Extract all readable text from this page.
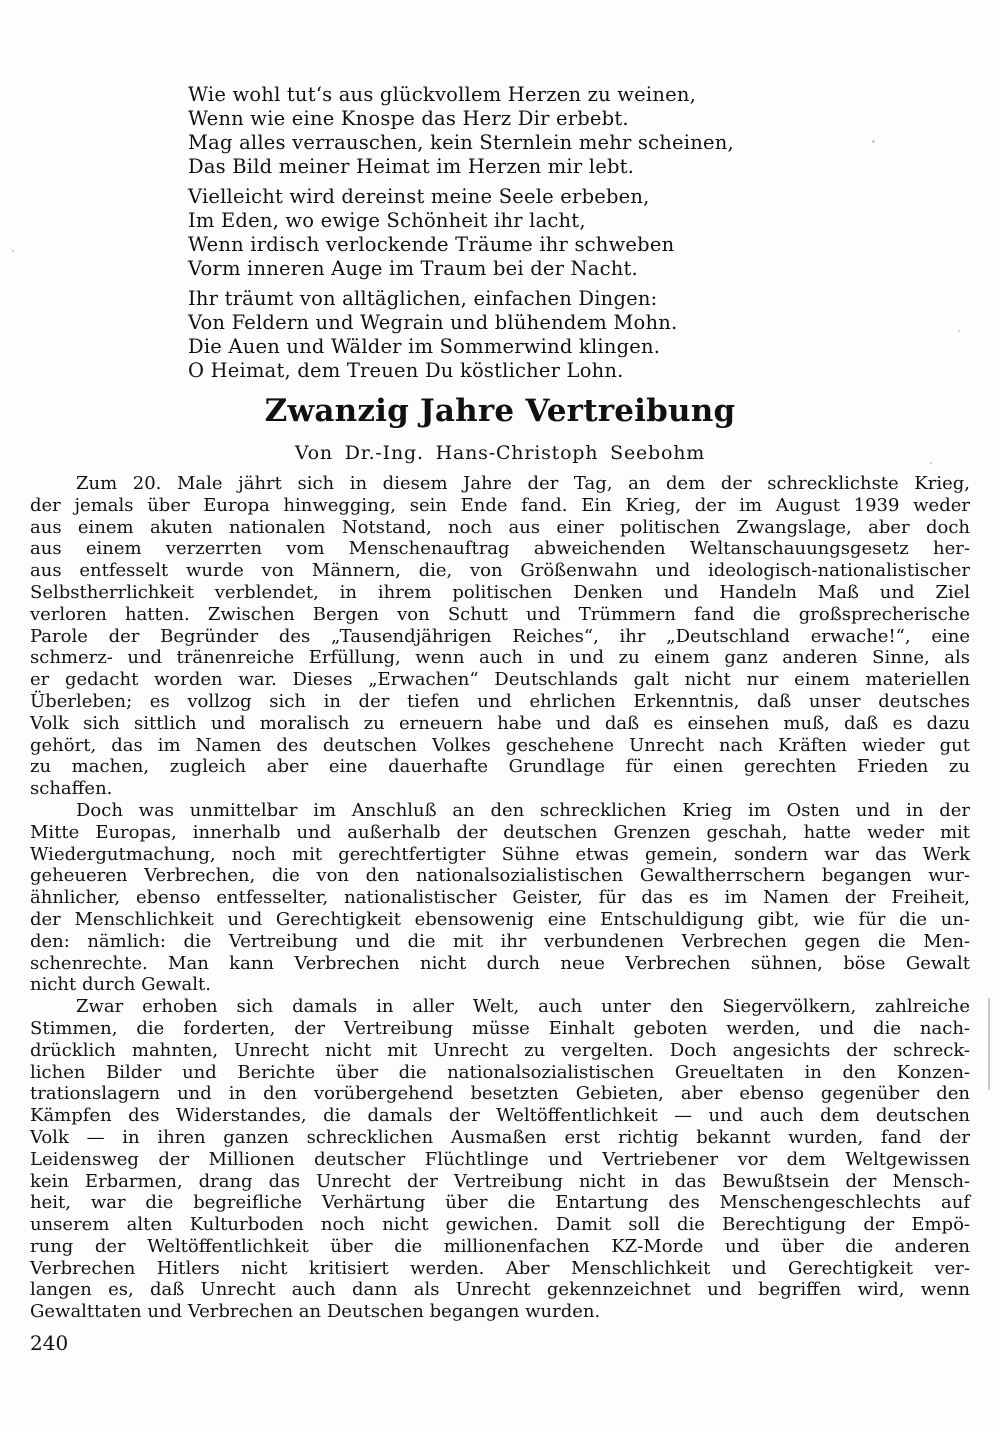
Wie wohl tut‘s aus glückvollem Herzen zu weinen,
Wenn wie eine Knospe das Herz Dir erbebt.
Mag alles verrauschen, kein Sternlein mehr scheinen,
Das Bild meiner Heimat im Herzen mir lebt.
Vielleicht wird dereinst meine Seele erbeben,
Im Eden, wo ewige Schönheit ihr lacht,
Wenn irdisch verlockende Träume ihr schweben
Vorm inneren Auge im Traum bei der Nacht.
Ihr träumt von alltäglichen, einfachen Dingen:
Von Feldern und Wegrain und blühendem Mohn.
Die Auen und Wälder im Sommerwind klingen.
O Heimat, dem Treuen Du köstlicher Lohn.
Zwanzig Jahre Vertreibung
Von Dr.-Ing. Hans-Christoph Seebohm
Zum 20. Male jährt sich in diesem Jahre der Tag, an dem der schrecklichste Krieg,
der jemals über Europa hinwegging, sein Ende fand. Ein Krieg, der im August 1939 weder
aus einem akuten nationalen Notstand, noch aus einer politischen Zwangslage, aber doch
aus einem verzerrten vom Menschenauftrag abweichenden Weltanschauungsgesetz her-
aus entfesselt wurde von Männern, die, von Größenwahn und ideologisch-nationalistischer
Selbstherrlichkeit verblendet, in ihrem politischen Denken und Handeln Maß und Ziel
verloren hatten. Zwischen Bergen von Schutt und Trümmern fand die großsprecherische
Parole der Begründer des „Tausendjährigen Reiches“, ihr „Deutschland erwache!“, eine
schmerz- und tränenreiche Erfüllung, wenn auch in und zu einem ganz anderen Sinne, als
er gedacht worden war. Dieses „Erwachen“ Deutschlands galt nicht nur einem materiellen
Überleben; es vollzog sich in der tiefen und ehrlichen Erkenntnis, daß unser deutsches
Volk sich sittlich und moralisch zu erneuern habe und daß es einsehen muß, daß es dazu
gehört, das im Namen des deutschen Volkes geschehene Unrecht nach Kräften wieder gut
zu machen, zugleich aber eine dauerhafte Grundlage für einen gerechten Frieden zu
schaffen.
Doch was unmittelbar im Anschluß an den schrecklichen Krieg im Osten und in der
Mitte Europas, innerhalb und außerhalb der deutschen Grenzen geschah, hatte weder mit
Wiedergutmachung, noch mit gerechtfertigter Sühne etwas gemein, sondern war das Werk
geheueren Verbrechen, die von den nationalsozialistischen Gewaltherrschern begangen wur-
ähnlicher, ebenso entfesselter, nationalistischer Geister, für das es im Namen der Freiheit,
der Menschlichkeit und Gerechtigkeit ebensowenig eine Entschuldigung gibt, wie für die un-
den: nämlich: die Vertreibung und die mit ihr verbundenen Verbrechen gegen die Men-
schenrechte. Man kann Verbrechen nicht durch neue Verbrechen sühnen, böse Gewalt
nicht durch Gewalt.
Zwar erhoben sich damals in aller Welt, auch unter den Siegervölkern, zahlreiche
Stimmen, die forderten, der Vertreibung müsse Einhalt geboten werden, und die nach-
drücklich mahnten, Unrecht nicht mit Unrecht zu vergelten. Doch angesichts der schreck-
lichen Bilder und Berichte über die nationalsozialistischen Greueltaten in den Konzen-
trationslagern und in den vorübergehend besetzten Gebieten, aber ebenso gegenüber den
Kämpfen des Widerstandes, die damals der Weltöffentlichkeit — und auch dem deutschen
Volk — in ihren ganzen schrecklichen Ausmaßen erst richtig bekannt wurden, fand der
Leidensweg der Millionen deutscher Flüchtlinge und Vertriebener vor dem Weltgewissen
kein Erbarmen, drang das Unrecht der Vertreibung nicht in das Bewußtsein der Mensch-
heit, war die begreifliche Verhärtung über die Entartung des Menschengeschlechts auf
unserem alten Kulturboden noch nicht gewichen. Damit soll die Berechtigung der Empö-
rung der Weltöffentlichkeit über die millionenfachen KZ-Morde und über die anderen
Verbrechen Hitlers nicht kritisiert werden. Aber Menschlichkeit und Gerechtigkeit ver-
langen es, daß Unrecht auch dann als Unrecht gekennzeichnet und begriffen wird, wenn
Gewalttaten und Verbrechen an Deutschen begangen wurden.
240
